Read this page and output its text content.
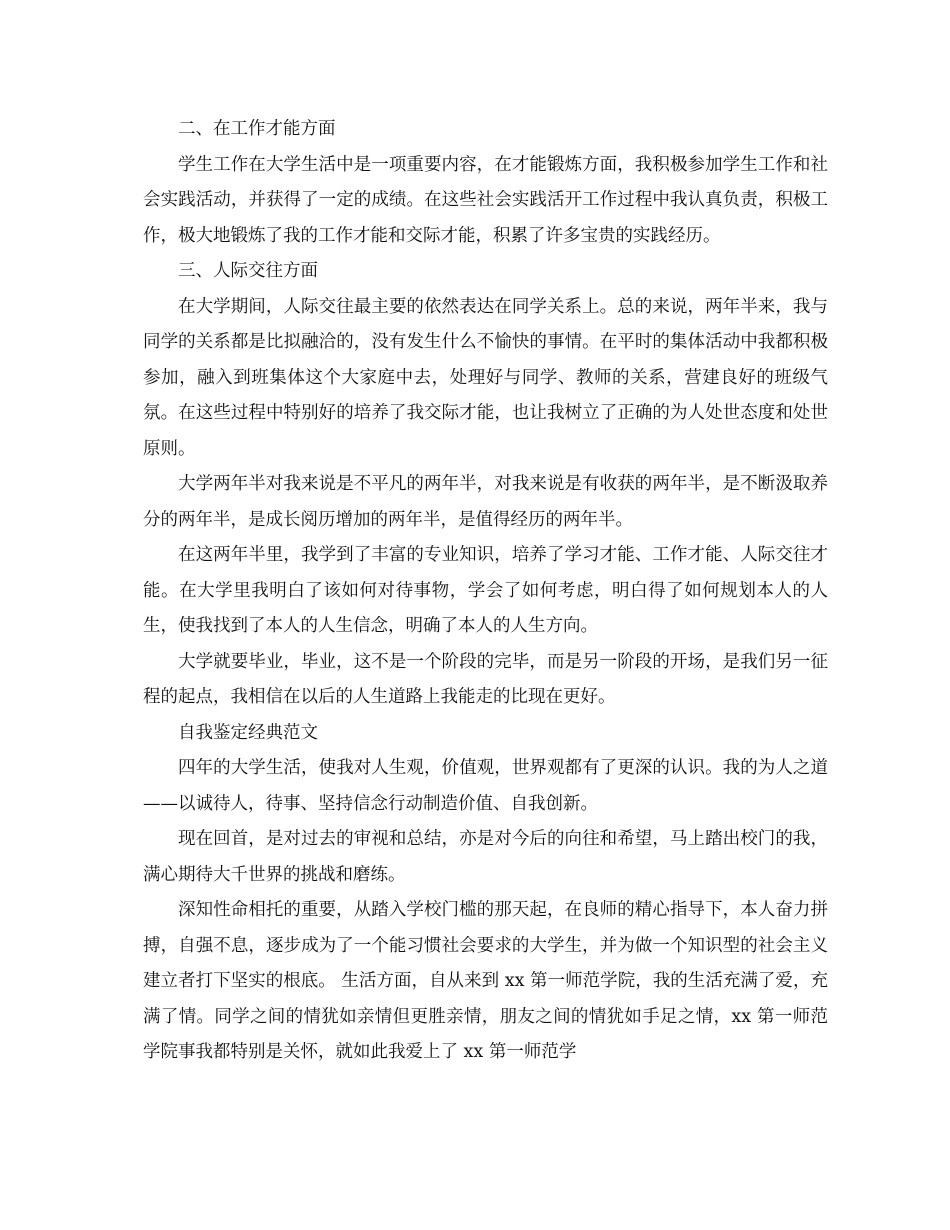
二、在工作才能方面

学生工作在大学生活中是一项重要内容，在才能锻炼方面，我积极参加学生工作和社会实践活动，并获得了一定的成绩。在这些社会实践活开工作过程中我认真负责，积极工作，极大地锻炼了我的工作才能和交际才能，积累了许多宝贵的实践经历。

三、人际交往方面

在大学期间，人际交往最主要的依然表达在同学关系上。总的来说，两年半来，我与同学的关系都是比拟融洽的，没有发生什么不愉快的事情。在平时的集体活动中我都积极参加，融入到班集体这个大家庭中去，处理好与同学、教师的关系，营建良好的班级气氛。在这些过程中特别好的培养了我交际才能，也让我树立了正确的为人处世态度和处世原则。

大学两年半对我来说是不平凡的两年半，对我来说是有收获的两年半，是不断汲取养分的两年半，是成长阅历增加的两年半，是值得经历的两年半。

在这两年半里，我学到了丰富的专业知识，培养了学习才能、工作才能、人际交往才能。在大学里我明白了该如何对待事物，学会了如何考虑，明白得了如何规划本人的人生，使我找到了本人的人生信念，明确了本人的人生方向。

大学就要毕业，毕业，这不是一个阶段的完毕，而是另一阶段的开场，是我们另一征程的起点，我相信在以后的人生道路上我能走的比现在更好。

自我鉴定经典范文

四年的大学生活，使我对人生观，价值观，世界观都有了更深的认识。我的为人之道——以诚待人，待事、坚持信念行动制造价值、自我创新。

现在回首，是对过去的审视和总结，亦是对今后的向往和希望，马上踏出校门的我，满心期待大千世界的挑战和磨练。

深知性命相托的重要，从踏入学校门槛的那天起，在良师的精心指导下，本人奋力拼搏，自强不息，逐步成为了一个能习惯社会要求的大学生，并为做一个知识型的社会主义建立者打下坚实的根底。 生活方面，自从来到 xx 第一师范学院，我的生活充满了爱，充满了情。同学之间的情犹如亲情但更胜亲情，朋友之间的情犹如手足之情，xx 第一师范学院事我都特别是关怀，就如此我爱上了 xx 第一师范学
